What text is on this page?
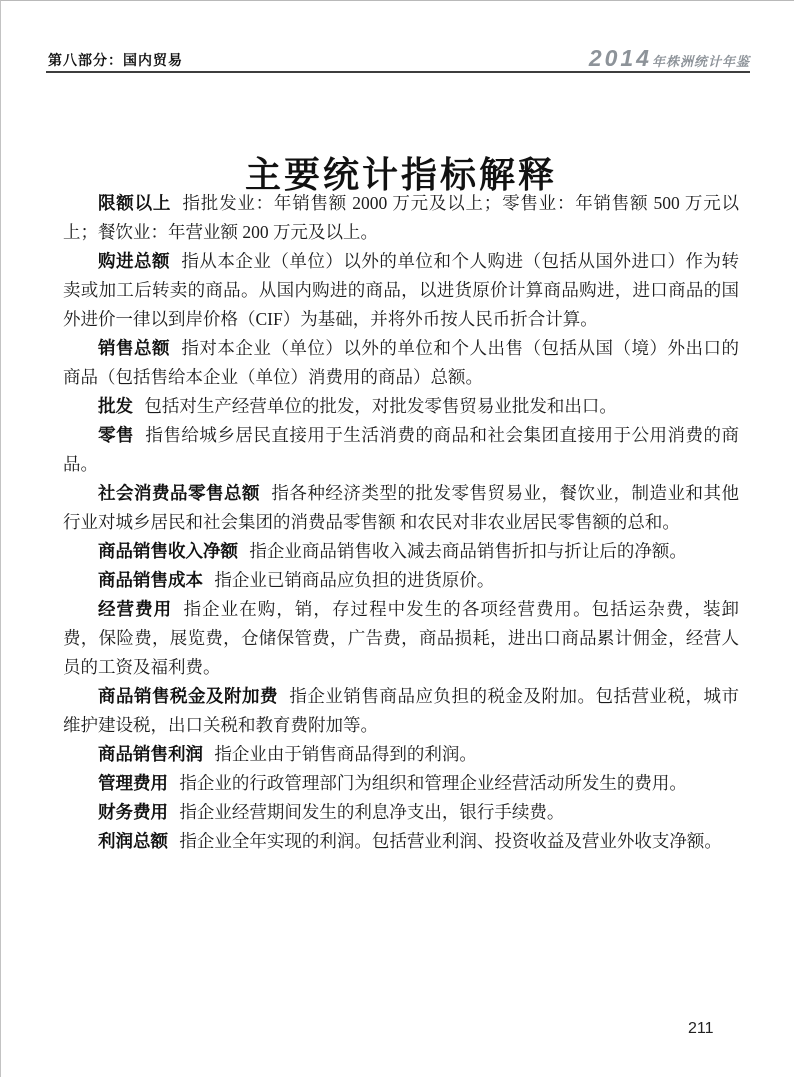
第八部分：国内贸易	2014年株洲统计年鉴
主要统计指标解释

限额以上 指批发业：年销售额 2000 万元及以上；零售业：年销售额 500 万元以上；餐饮业：年营业额 200 万元及以上。

购进总额 指从本企业（单位）以外的单位和个人购进（包括从国外进口）作为转卖或加工后转卖的商品。从国内购进的商品，以进货原价计算商品购进，进口商品的国外进价一律以到岸价格（CIF）为基础，并将外币按人民币折合计算。

销售总额 指对本企业（单位）以外的单位和个人出售（包括从国（境）外出口的商品（包括售给本企业（单位）消费用的商品）总额。

批发 包括对生产经营单位的批发，对批发零售贸易业批发和出口。

零售 指售给城乡居民直接用于生活消费的商品和社会集团直接用于公用消费的商品。

社会消费品零售总额 指各种经济类型的批发零售贸易业，餐饮业，制造业和其他行业对城乡居民和社会集团的消费品零售额 和农民对非农业居民零售额的总和。

商品销售收入净额 指企业商品销售收入减去商品销售折扣与折让后的净额。

商品销售成本 指企业已销商品应负担的进货原价。

经营费用 指企业在购，销，存过程中发生的各项经营费用。包括运杂费，装卸费，保险费，展览费，仓储保管费，广告费，商品损耗，进出口商品累计佣金，经营人员的工资及福利费。

商品销售税金及附加费 指企业销售商品应负担的税金及附加。包括营业税，城市维护建设税，出口关税和教育费附加等。

商品销售利润 指企业由于销售商品得到的利润。

管理费用 指企业的行政管理部门为组织和管理企业经营活动所发生的费用。

财务费用 指企业经营期间发生的利息净支出，银行手续费。

利润总额 指企业全年实现的利润。包括营业利润、投资收益及营业外收支净额。

211
